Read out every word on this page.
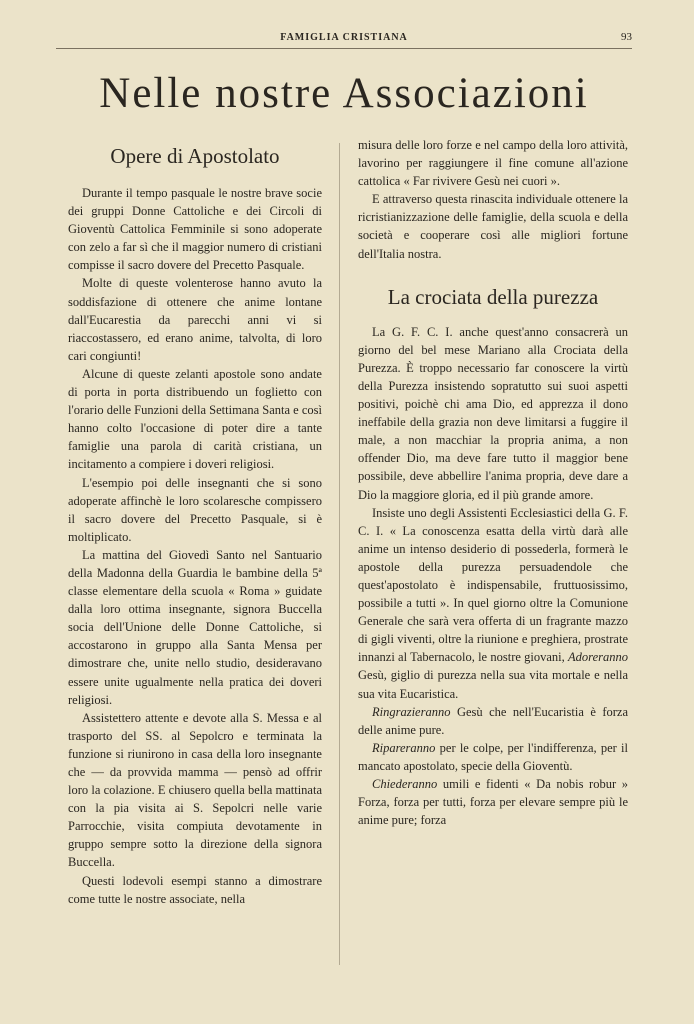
FAMIGLIA CRISTIANA	93
Nelle nostre Associazioni
Opere di Apostolato

Durante il tempo pasquale le nostre brave socie dei gruppi Donne Cattoliche e dei Circoli di Gioventù Cattolica Femminile si sono adoperate con zelo a far sì che il maggior numero di cristiani compisse il sacro dovere del Precetto Pasquale.

Molte di queste volenterose hanno avuto la soddisfazione di ottenere che anime lontane dall'Eucarestia da parecchi anni vi si riaccostassero, ed erano anime, talvolta, di loro cari congiunti!

Alcune di queste zelanti apostole sono andate di porta in porta distribuendo un foglietto con l'orario delle Funzioni della Settimana Santa e così hanno colto l'occasione di poter dire a tante famiglie una parola di carità cristiana, un incitamento a compiere i doveri religiosi.

L'esempio poi delle insegnanti che si sono adoperate affinchè le loro scolaresche compissero il sacro dovere del Precetto Pasquale, si è moltiplicato.

La mattina del Giovedì Santo nel Santuario della Madonna della Guardia le bambine della 5ª classe elementare della scuola « Roma » guidate dalla loro ottima insegnante, signora Buccella socia dell'Unione delle Donne Cattoliche, si accostarono in gruppo alla Santa Mensa per dimostrare che, unite nello studio, desideravano essere unite ugualmente nella pratica dei doveri religiosi.

Assistettero attente e devote alla S. Messa e al trasporto del SS. al Sepolcro e terminata la funzione si riunirono in casa della loro insegnante che — da provvida mamma — pensò ad offrir loro la colazione. E chiusero quella bella mattinata con la pia visita ai S. Sepolcri nelle varie Parrocchie, visita compiuta devotamente in gruppo sempre sotto la direzione della signora Buccella.

Questi lodevoli esempi stanno a dimostrare come tutte le nostre associate, nella

misura delle loro forze e nel campo della loro attività, lavorino per raggiungere il fine comune all'azione cattolica « Far rivivere Gesù nei cuori ».

E attraverso questa rinascita individuale ottenere la ricristianizzazione delle famiglie, della scuola e della società e cooperare così alle migliori fortune dell'Italia nostra.

La crociata della purezza

La G. F. C. I. anche quest'anno consacrerà un giorno del bel mese Mariano alla Crociata della Purezza. È troppo necessario far conoscere la virtù della Purezza insistendo sopratutto sui suoi aspetti positivi, poichè chi ama Dio, ed apprezza il dono ineffabile della grazia non deve limitarsi a fuggire il male, a non macchiar la propria anima, a non offender Dio, ma deve fare tutto il maggior bene possibile, deve abbellire l'anima propria, deve dare a Dio la maggiore gloria, ed il più grande amore.

Insiste uno degli Assistenti Ecclesiastici della G. F. C. I. « La conoscenza esatta della virtù darà alle anime un intenso desiderio di possederla, formerà le apostole della purezza persuadendole che quest'apostolato è indispensabile, fruttuosissimo, possibile a tutti ». In quel giorno oltre la Comunione Generale che sarà vera offerta di un fragrante mazzo di gigli viventi, oltre la riunione e preghiera, prostrate innanzi al Tabernacolo, le nostre giovani, Adoreranno Gesù, giglio di purezza nella sua vita mortale e nella sua vita Eucaristica.

Ringrazieranno Gesù che nell'Eucaristia è forza delle anime pure.

Ripareranno per le colpe, per l'indifferenza, per il mancato apostolato, specie della Gioventù.

Chiederanno umili e fidenti « Da nobis robur » Forza, forza per tutti, forza per elevare sempre più le anime pure; forza
